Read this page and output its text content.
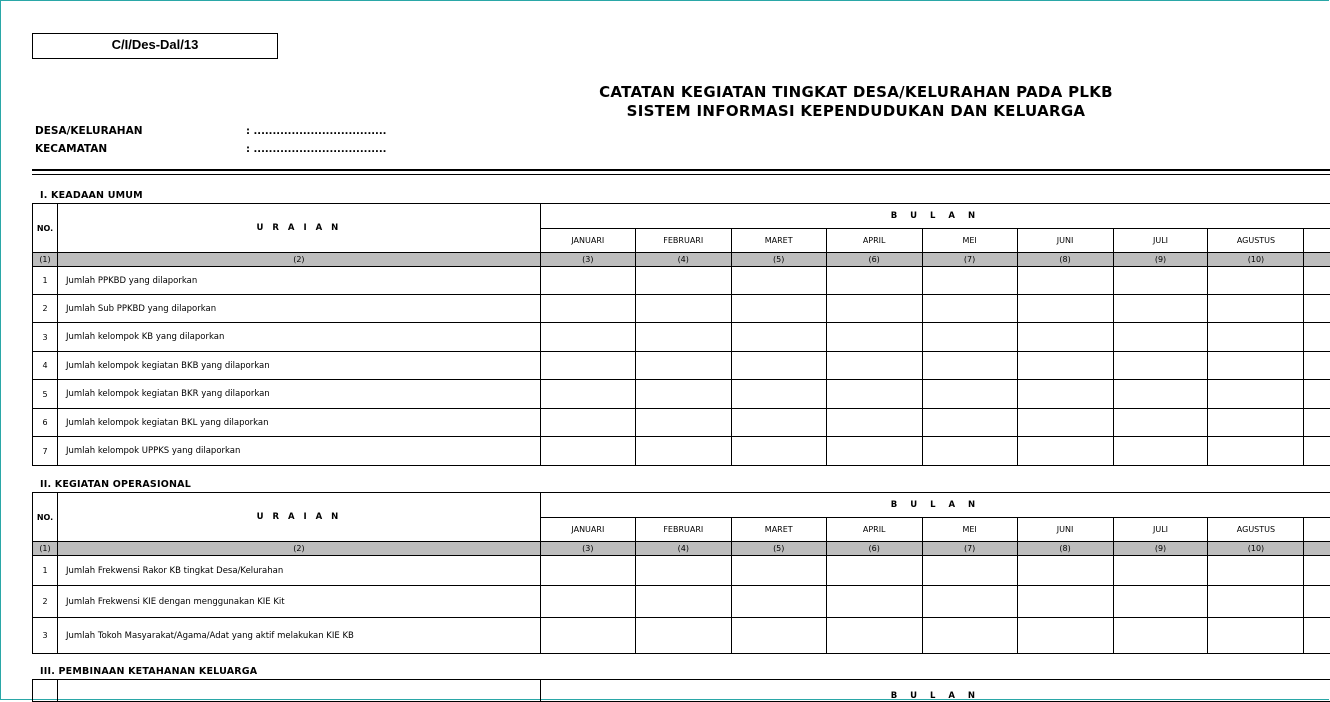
C/I/Des-Dal/13
CATATAN KEGIATAN TINGKAT DESA/KELURAHAN PADA PLKB
SISTEM INFORMASI KEPENDUDUKAN DAN KELUARGA
DESA/KELURAHAN	: ...................................
KECAMATAN	: ...................................
I. KEADAAN UMUM
NO.	U R A I A N	B U L A N								
		JANUARI	FEBRUARI	MARET	APRIL	MEI	JUNI	JULI	AGUSTUS	
(1)	(2)	(3)	(4)	(5)	(6)	(7)	(8)	(9)	(10)	
1	Jumlah PPKBD yang dilaporkan									
2	Jumlah Sub PPKBD yang dilaporkan									
3	Jumlah kelompok KB yang dilaporkan									
4	Jumlah kelompok kegiatan BKB yang dilaporkan									
5	Jumlah kelompok kegiatan BKR yang dilaporkan									
6	Jumlah kelompok kegiatan BKL yang dilaporkan									
7	Jumlah kelompok UPPKS yang dilaporkan									
II. KEGIATAN OPERASIONAL
NO.	U R A I A N	B U L A N								
		JANUARI	FEBRUARI	MARET	APRIL	MEI	JUNI	JULI	AGUSTUS	
(1)	(2)	(3)	(4)	(5)	(6)	(7)	(8)	(9)	(10)	
1	Jumlah Frekwensi Rakor KB tingkat Desa/Kelurahan									
2	Jumlah Frekwensi KIE dengan menggunakan KIE Kit									
3	Jumlah Tokoh Masyarakat/Agama/Adat yang aktif melakukan KIE KB									
III. PEMBINAAN KETAHANAN KELUARGA
		B U L A N
